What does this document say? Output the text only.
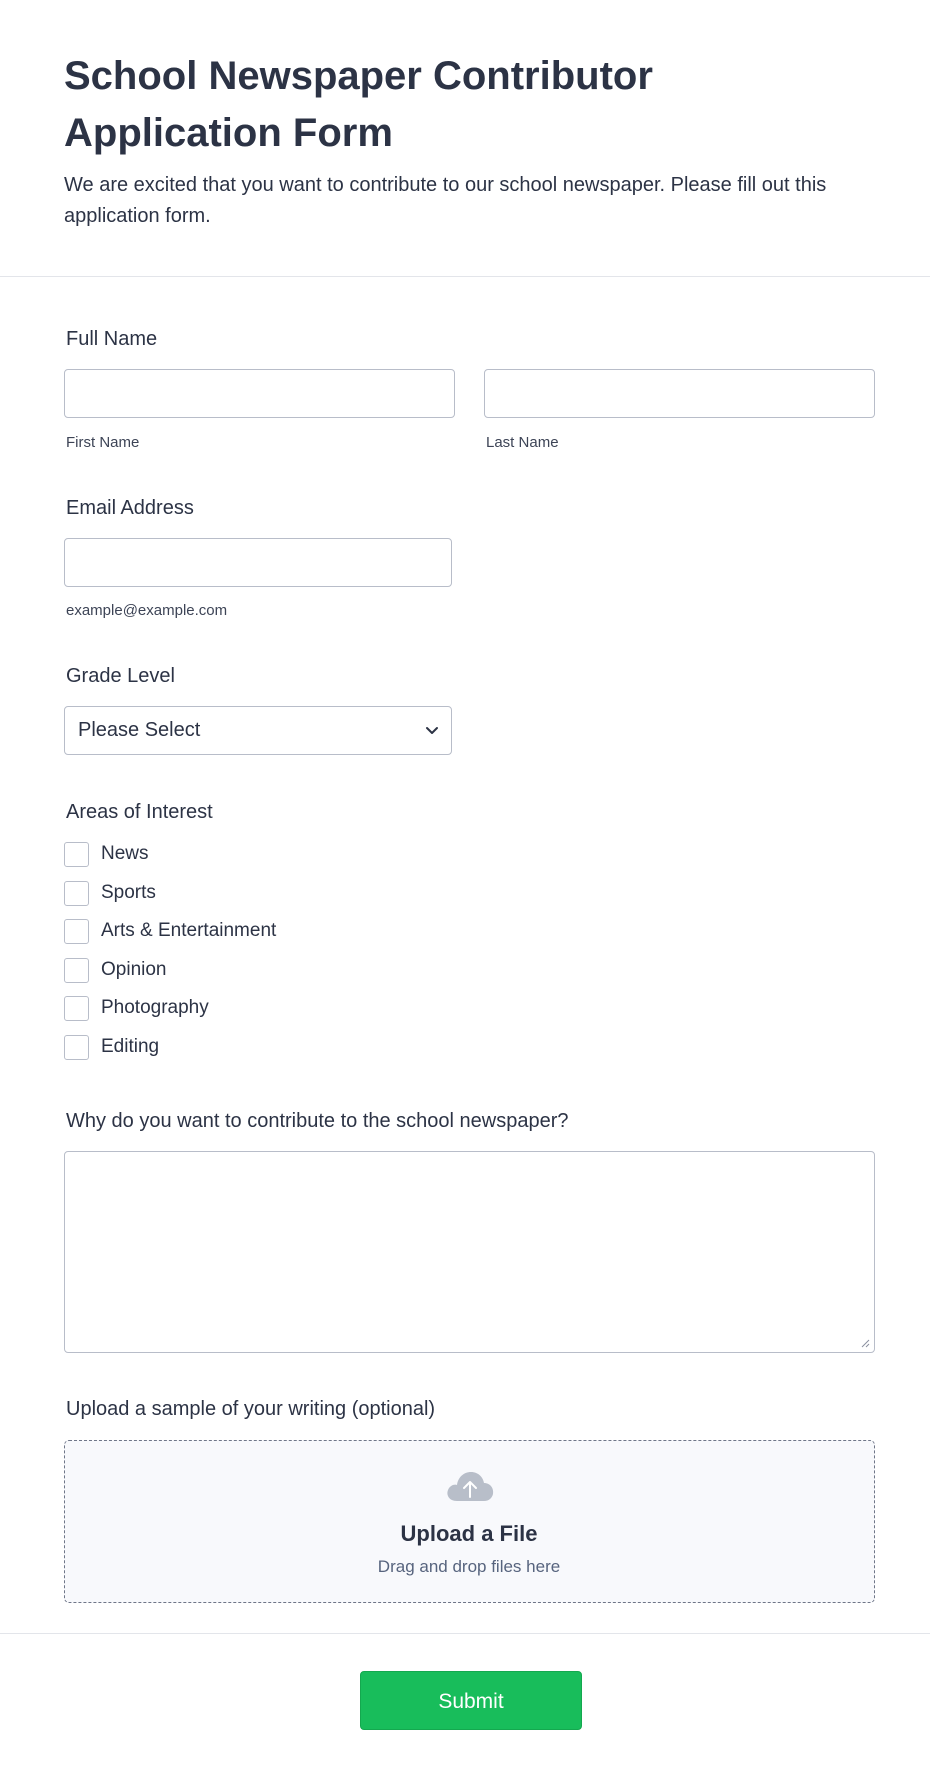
School Newspaper Contributor Application Form

We are excited that you want to contribute to our school newspaper. Please fill out this application form.

Full Name
First Name	Last Name
Email Address
example@example.com
Grade Level
Please Select
Areas of Interest
News
Sports
Arts & Entertainment
Opinion
Photography
Editing
Why do you want to contribute to the school newspaper?
Upload a sample of your writing (optional)
Upload a File
Drag and drop files here
Submit
